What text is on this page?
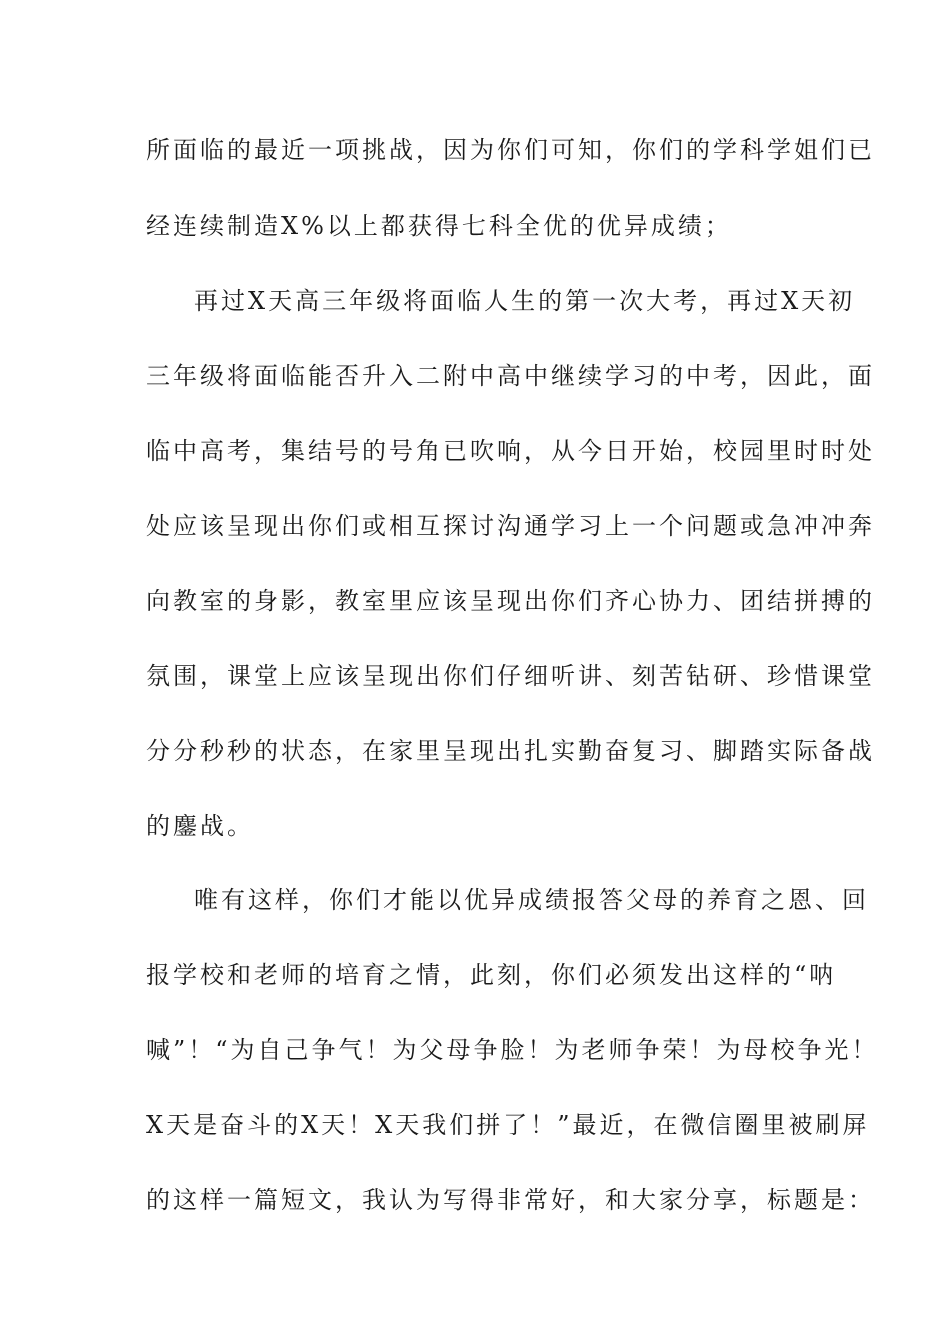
所面临的最近一项挑战，因为你们可知，你们的学科学姐们已
经连续制造X%以上都获得七科全优的优异成绩；
再过X天高三年级将面临人生的第一次大考，再过X天初
三年级将面临能否升入二附中高中继续学习的中考，因此，面
临中高考，集结号的号角已吹响，从今日开始，校园里时时处
处应该呈现出你们或相互探讨沟通学习上一个问题或急冲冲奔
向教室的身影，教室里应该呈现出你们齐心协力、团结拼搏的
氛围，课堂上应该呈现出你们仔细听讲、刻苦钻研、珍惜课堂
分分秒秒的状态，在家里呈现出扎实勤奋复习、脚踏实际备战
的鏖战。
唯有这样，你们才能以优异成绩报答父母的养育之恩、回
报学校和老师的培育之情，此刻，你们必须发出这样的“呐
喊”！“为自己争气！为父母争脸！为老师争荣！为母校争光！
X天是奋斗的X天！X天我们拼了！”最近，在微信圈里被刷屏
的这样一篇短文，我认为写得非常好，和大家分享，标题是：
